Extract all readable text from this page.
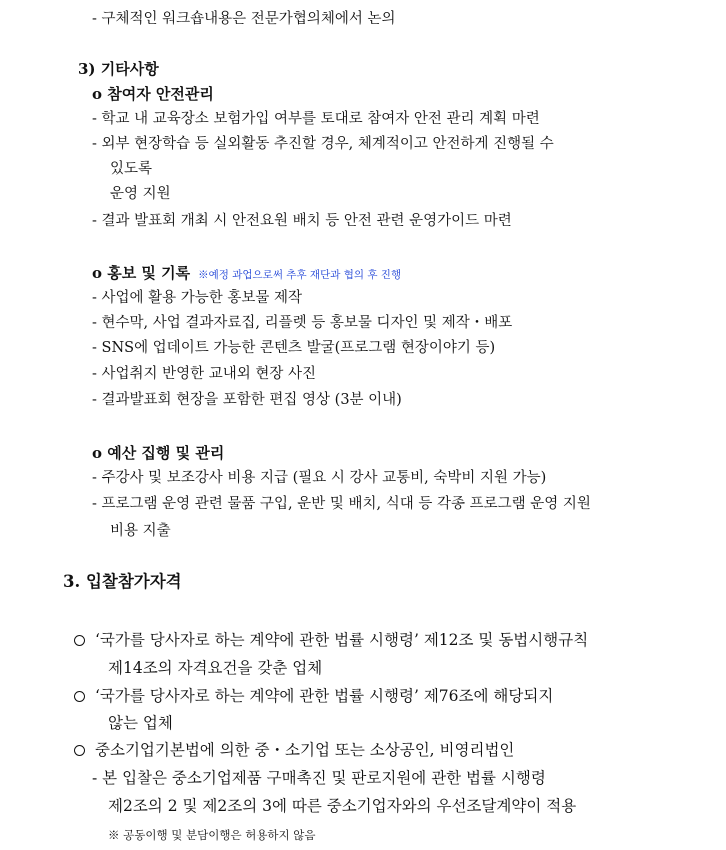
- 구체적인 워크숍내용은 전문가협의체에서 논의
3) 기타사항
o 참여자 안전관리
- 학교 내 교육장소 보험가입 여부를 토대로 참여자 안전 관리 계획 마련
- 외부 현장학습 등 실외활동 추진할 경우, 체계적이고 안전하게 진행될 수
있도록
운영 지원
- 결과 발표회 개최 시 안전요원 배치 등 안전 관련 운영가이드 마련
o 홍보 및 기록 ※예정 과업으로써 추후 재단과 협의 후 진행
- 사업에 활용 가능한 홍보물 제작
- 현수막, 사업 결과자료집, 리플렛 등 홍보물 디자인 및 제작・배포
- SNS에 업데이트 가능한 콘텐츠 발굴(프로그램 현장이야기 등)
- 사업취지 반영한 교내외 현장 사진
- 결과발표회 현장을 포함한 편집 영상 (3분 이내)
o 예산 집행 및 관리
- 주강사 및 보조강사 비용 지급 (필요 시 강사 교통비, 숙박비 지원 가능)
- 프로그램 운영 관련 물품 구입, 운반 및 배치, 식대 등 각종 프로그램 운영 지원
비용 지출
3. 입찰참가자격
‘국가를 당사자로 하는 계약에 관한 법률 시행령’ 제12조 및 동법시행규칙
제14조의 자격요건을 갖춘 업체
‘국가를 당사자로 하는 계약에 관한 법률 시행령’ 제76조에 해당되지
않는 업체
중소기업기본법에 의한 중・소기업 또는 소상공인, 비영리법인
- 본 입찰은 중소기업제품 구매촉진 및 판로지원에 관한 법률 시행령
제2조의 2 및 제2조의 3에 따른 중소기업자와의 우선조달계약이 적용
※ 공동이행 및 분담이행은 허용하지 않음
